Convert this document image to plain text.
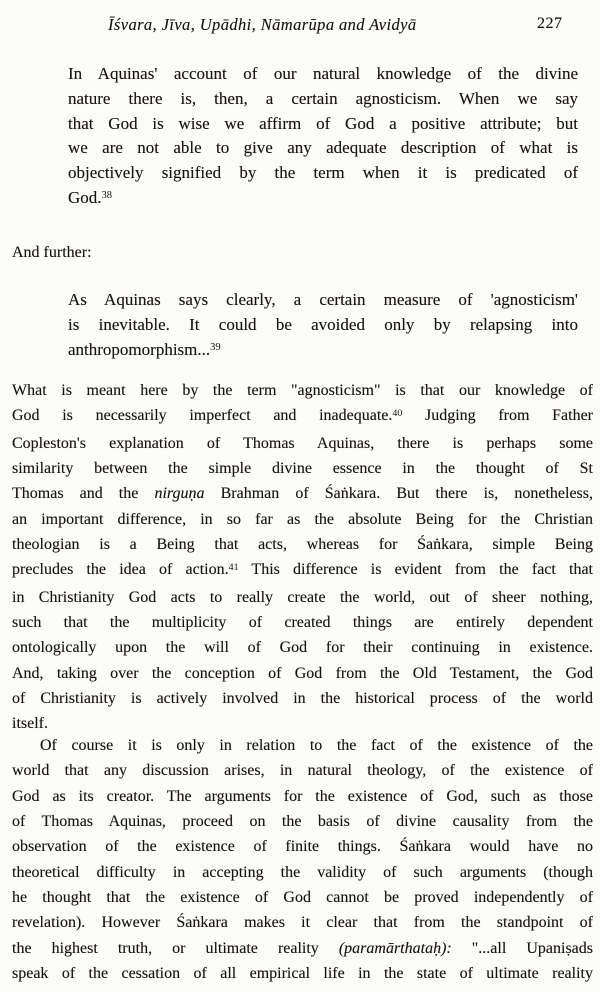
Īśvara, Jīva, Upādhi, Nāmarūpa and Avidyā	227
In Aquinas' account of our natural knowledge of the divine
nature there is, then, a certain agnosticism. When we say
that God is wise we affirm of God a positive attribute; but
we are not able to give any adequate description of what is
objectively signified by the term when it is predicated of
God.$^{38}$
And further:
As Aquinas says clearly, a certain measure of 'agnosticism'
is inevitable. It could be avoided only by relapsing into
anthropomorphism...$^{39}$
What is meant here by the term "agnosticism" is that our knowledge of
God is necessarily imperfect and inadequate.$^{40}$ Judging from Father
Copleston's explanation of Thomas Aquinas, there is perhaps some
similarity between the simple divine essence in the thought of St
Thomas and the nirguṇa Brahman of Śaṅkara. But there is, nonetheless,
an important difference, in so far as the absolute Being for the Christian
theologian is a Being that acts, whereas for Śaṅkara, simple Being
precludes the idea of action.$^{41}$ This difference is evident from the fact that
in Christianity God acts to really create the world, out of sheer nothing,
such that the multiplicity of created things are entirely dependent
ontologically upon the will of God for their continuing in existence.
And, taking over the conception of God from the Old Testament, the God
of Christianity is actively involved in the historical process of the world
itself.
Of course it is only in relation to the fact of the existence of the
world that any discussion arises, in natural theology, of the existence of
God as its creator. The arguments for the existence of God, such as those
of Thomas Aquinas, proceed on the basis of divine causality from the
observation of the existence of finite things. Śaṅkara would have no
theoretical difficulty in accepting the validity of such arguments (though
he thought that the existence of God cannot be proved independently of
revelation). However Śaṅkara makes it clear that from the standpoint of
the highest truth, or ultimate reality (paramārthataḥ): "...all Upaniṣads
speak of the cessation of all empirical life in the state of ultimate reality
